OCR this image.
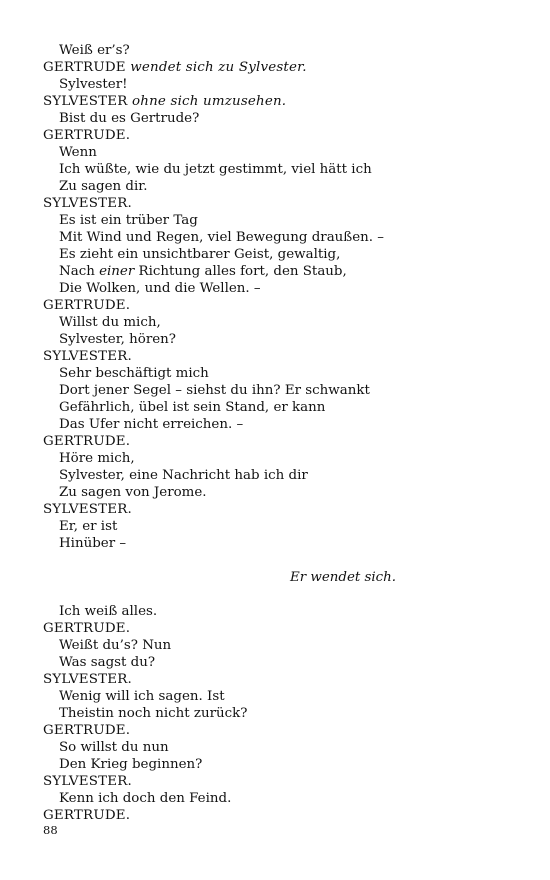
Weiß er’s?
GERTRUDE wendet sich zu Sylvester.
Sylvester!
SYLVESTER ohne sich umzusehen.
Bist du es Gertrude?
GERTRUDE.
Wenn
Ich wüßte, wie du jetzt gestimmt, viel hätt ich
Zu sagen dir.
SYLVESTER.
Es ist ein trüber Tag
Mit Wind und Regen, viel Bewegung draußen. –
Es zieht ein unsichtbarer Geist, gewaltig,
Nach einer Richtung alles fort, den Staub,
Die Wolken, und die Wellen. –
GERTRUDE.
Willst du mich,
Sylvester, hören?
SYLVESTER.
Sehr beschäftigt mich
Dort jener Segel – siehst du ihn? Er schwankt
Gefährlich, übel ist sein Stand, er kann
Das Ufer nicht erreichen. –
GERTRUDE.
Höre mich,
Sylvester, eine Nachricht hab ich dir
Zu sagen von Jerome.
SYLVESTER.
Er, er ist
Hinüber –
Er wendet sich.
Ich weiß alles.
GERTRUDE.
Weißt du’s? Nun
Was sagst du?
SYLVESTER.
Wenig will ich sagen. Ist
Theistin noch nicht zurück?
GERTRUDE.
So willst du nun
Den Krieg beginnen?
SYLVESTER.
Kenn ich doch den Feind.
GERTRUDE.
88
